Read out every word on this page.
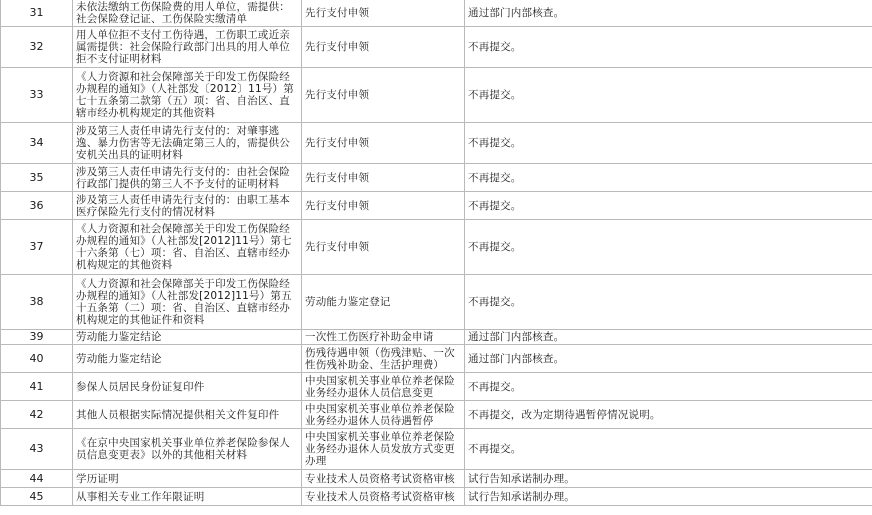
31	未依法缴纳工伤保险费的用人单位，需提供：社会保险登记证、工伤保险实缴清单	先行支付申领	通过部门内部核查。
32	用人单位拒不支付工伤待遇，工伤职工或近亲属需提供：社会保险行政部门出具的用人单位拒不支付证明材料	先行支付申领	不再提交。
33	《人力资源和社会保障部关于印发工伤保险经办规程的通知》（人社部发〔2012〕11号）第七十五条第二款第（五）项：省、自治区、直辖市经办机构规定的其他资料	先行支付申领	不再提交。
34	涉及第三人责任申请先行支付的：对肇事逃逸、暴力伤害等无法确定第三人的，需提供公安机关出具的证明材料	先行支付申领	不再提交。
35	涉及第三人责任申请先行支付的：由社会保险行政部门提供的第三人不予支付的证明材料	先行支付申领	不再提交。
36	涉及第三人责任申请先行支付的：由职工基本医疗保险先行支付的情况材料	先行支付申领	不再提交。
37	《人力资源和社会保障部关于印发工伤保险经办规程的通知》（人社部发[2012]11号）第七十六条第（七）项：省、自治区、直辖市经办机构规定的其他资料	先行支付申领	不再提交。
38	《人力资源和社会保障部关于印发工伤保险经办规程的通知》（人社部发[2012]11号）第五十五条第（二）项：省、自治区、直辖市经办机构规定的其他证件和资料	劳动能力鉴定登记	不再提交。
39	劳动能力鉴定结论	一次性工伤医疗补助金申请	通过部门内部核查。
40	劳动能力鉴定结论	伤残待遇申领（伤残津贴、一次性伤残补助金、生活护理费）	通过部门内部核查。
41	参保人员居民身份证复印件	中央国家机关事业单位养老保险业务经办退休人员信息变更	不再提交。
42	其他人员根据实际情况提供相关文件复印件	中央国家机关事业单位养老保险业务经办退休人员待遇暂停	不再提交，改为定期待遇暂停情况说明。
43	《在京中央国家机关事业单位养老保险参保人员信息变更表》以外的其他相关材料	中央国家机关事业单位养老保险业务经办退休人员发放方式变更办理	不再提交。
44	学历证明	专业技术人员资格考试资格审核	试行告知承诺制办理。
45	从事相关专业工作年限证明	专业技术人员资格考试资格审核	试行告知承诺制办理。
